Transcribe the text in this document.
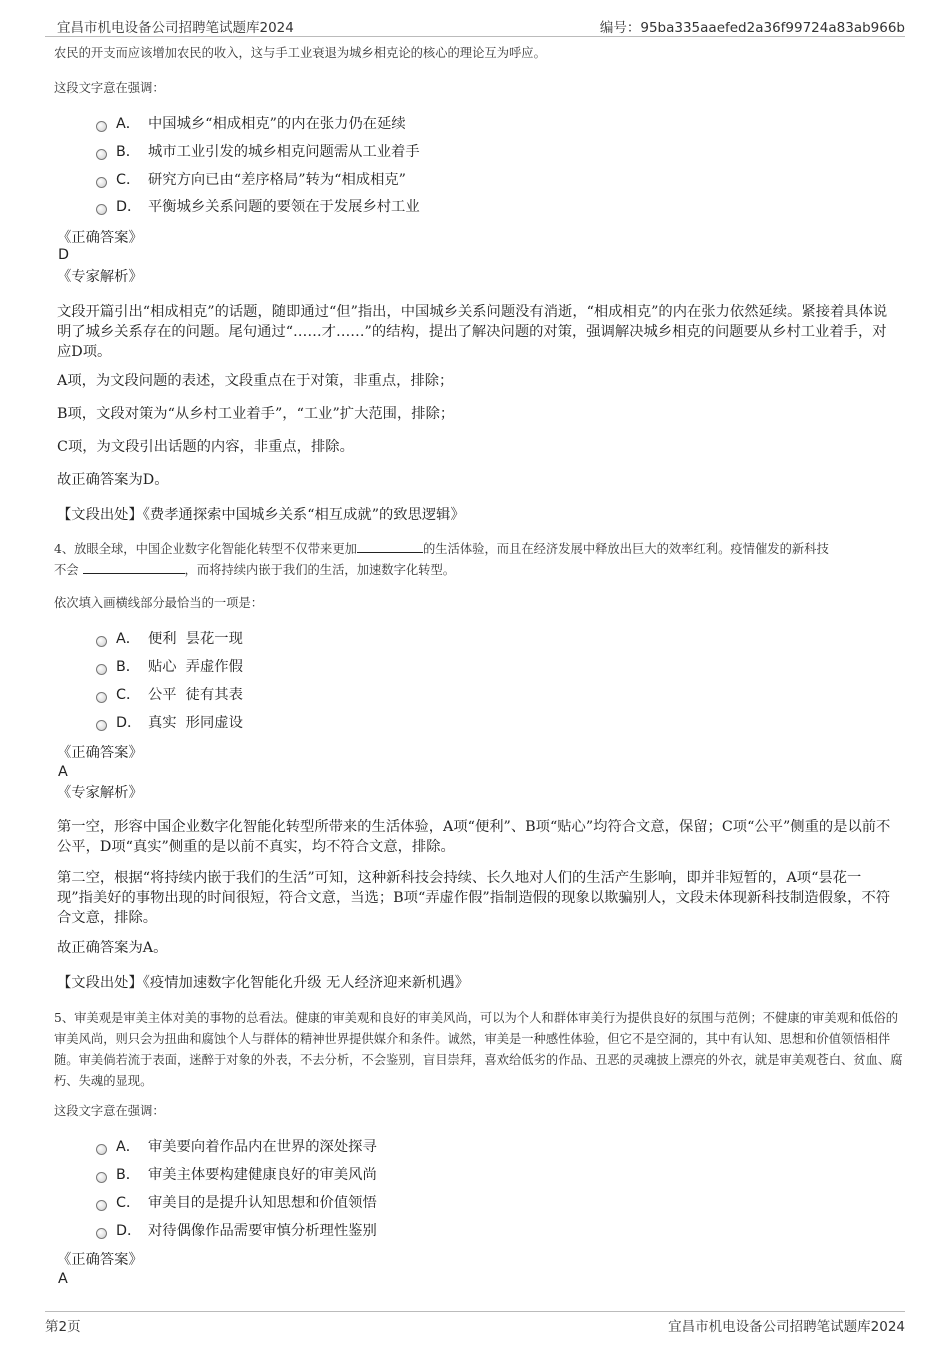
宜昌市机电设备公司招聘笔试题库2024	编号：95ba335aaefed2a36f99724a83ab966b
农民的开支而应该增加农民的收入，这与手工业衰退为城乡相克论的核心的理论互为呼应。
这段文字意在强调：
A． 中国城乡“相成相克”的内在张力仍在延续
B． 城市工业引发的城乡相克问题需从工业着手
C． 研究方向已由“差序格局”转为“相成相克”
D． 平衡城乡关系问题的要领在于发展乡村工业
《正确答案》
D
《专家解析》
文段开篇引出“相成相克”的话题，随即通过“但”指出，中国城乡关系问题没有消逝，“相成相克”的内在张力依然延续。紧接着具体说明了城乡关系存在的问题。尾句通过“……才……”的结构，提出了解决问题的对策，强调解决城乡相克的问题要从乡村工业着手，对应D项。
A项，为文段问题的表述，文段重点在于对策，非重点，排除；
B项，文段对策为“从乡村工业着手”，“工业”扩大范围，排除；
C项，为文段引出话题的内容，非重点，排除。
故正确答案为D。
【文段出处】《费孝通探索中国城乡关系“相互成就”的致思逻辑》
4、放眼全球，中国企业数字化智能化转型不仅带来更加	的生活体验，而且在经济发展中释放出巨大的效率红利。疫情催发的新科技
不会	，而将持续内嵌于我们的生活，加速数字化转型。
依次填入画横线部分最恰当的一项是：
A． 便利  昙花一现
B． 贴心  弄虚作假
C． 公平  徒有其表
D． 真实  形同虚设
《正确答案》
A
《专家解析》
第一空，形容中国企业数字化智能化转型所带来的生活体验，A项“便利”、B项“贴心”均符合文意，保留；C项“公平”侧重的是以前不公平，D项“真实”侧重的是以前不真实，均不符合文意，排除。
第二空，根据“将持续内嵌于我们的生活”可知，这种新科技会持续、长久地对人们的生活产生影响，即并非短暂的，A项“昙花一现”指美好的事物出现的时间很短，符合文意，当选；B项“弄虚作假”指制造假的现象以欺骗别人，文段未体现新科技制造假象，不符合文意，排除。
故正确答案为A。
【文段出处】《疫情加速数字化智能化升级 无人经济迎来新机遇》
5、审美观是审美主体对美的事物的总看法。健康的审美观和良好的审美风尚，可以为个人和群体审美行为提供良好的氛围与范例；不健康的审美观和低俗的审美风尚，则只会为扭曲和腐蚀个人与群体的精神世界提供媒介和条件。诚然，审美是一种感性体验，但它不是空洞的，其中有认知、思想和价值领悟相伴随。审美倘若流于表面，迷醉于对象的外表，不去分析，不会鉴别，盲目崇拜，喜欢给低劣的作品、丑恶的灵魂披上漂亮的外衣，就是审美观苍白、贫血、腐朽、失魂的显现。
这段文字意在强调：
A． 审美要向着作品内在世界的深处探寻
B． 审美主体要构建健康良好的审美风尚
C． 审美目的是提升认知思想和价值领悟
D． 对待偶像作品需要审慎分析理性鉴别
《正确答案》
A
第2页	宜昌市机电设备公司招聘笔试题库2024
